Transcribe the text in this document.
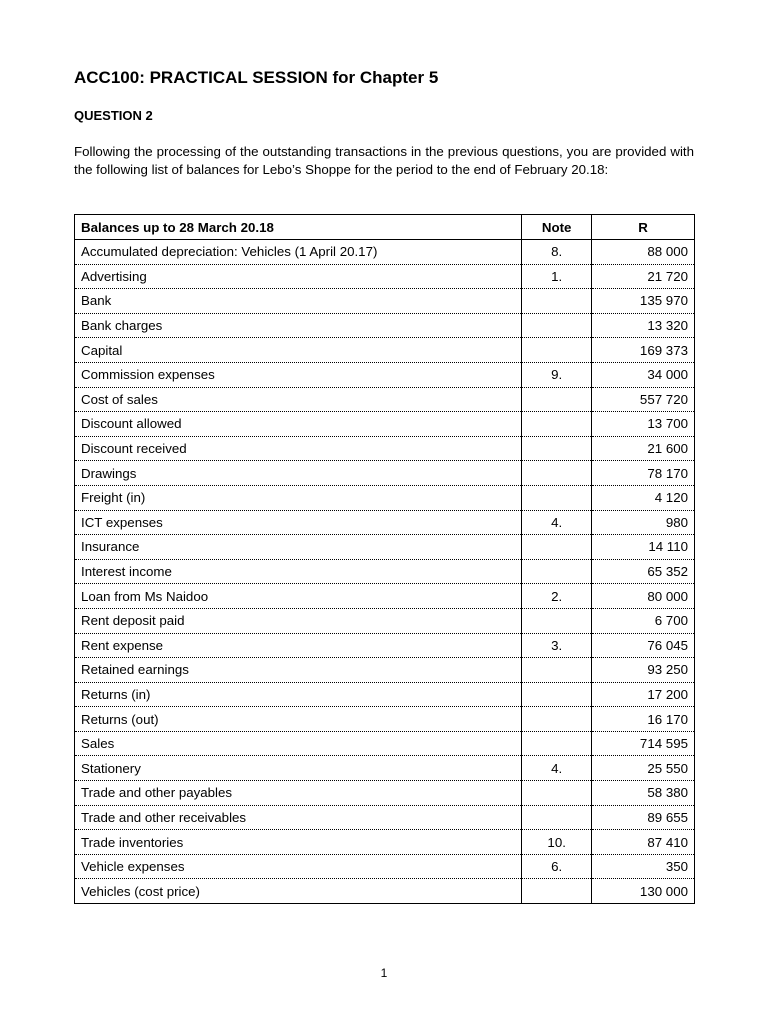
ACC100: PRACTICAL SESSION for Chapter 5
QUESTION 2

Following the processing of the outstanding transactions in the previous questions, you are provided with the following list of balances for Lebo’s Shoppe for the period to the end of February 20.18:

Balances up to 28 March 20.18	Note	R
Accumulated depreciation: Vehicles (1 April 20.17)	8.	88 000
Advertising	1.	21 720
Bank		135 970
Bank charges		13 320
Capital		169 373
Commission expenses	9.	34 000
Cost of sales		557 720
Discount allowed		13 700
Discount received		21 600
Drawings		78 170
Freight (in)		4 120
ICT expenses	4.	980
Insurance		14 110
Interest income		65 352
Loan from Ms Naidoo	2.	80 000
Rent deposit paid		6 700
Rent expense	3.	76 045
Retained earnings		93 250
Returns (in)		17 200
Returns (out)		16 170
Sales		714 595
Stationery	4.	25 550
Trade and other payables		58 380
Trade and other receivables		89 655
Trade inventories	10.	87 410
Vehicle expenses	6.	350
Vehicles (cost price)		130 000

1
